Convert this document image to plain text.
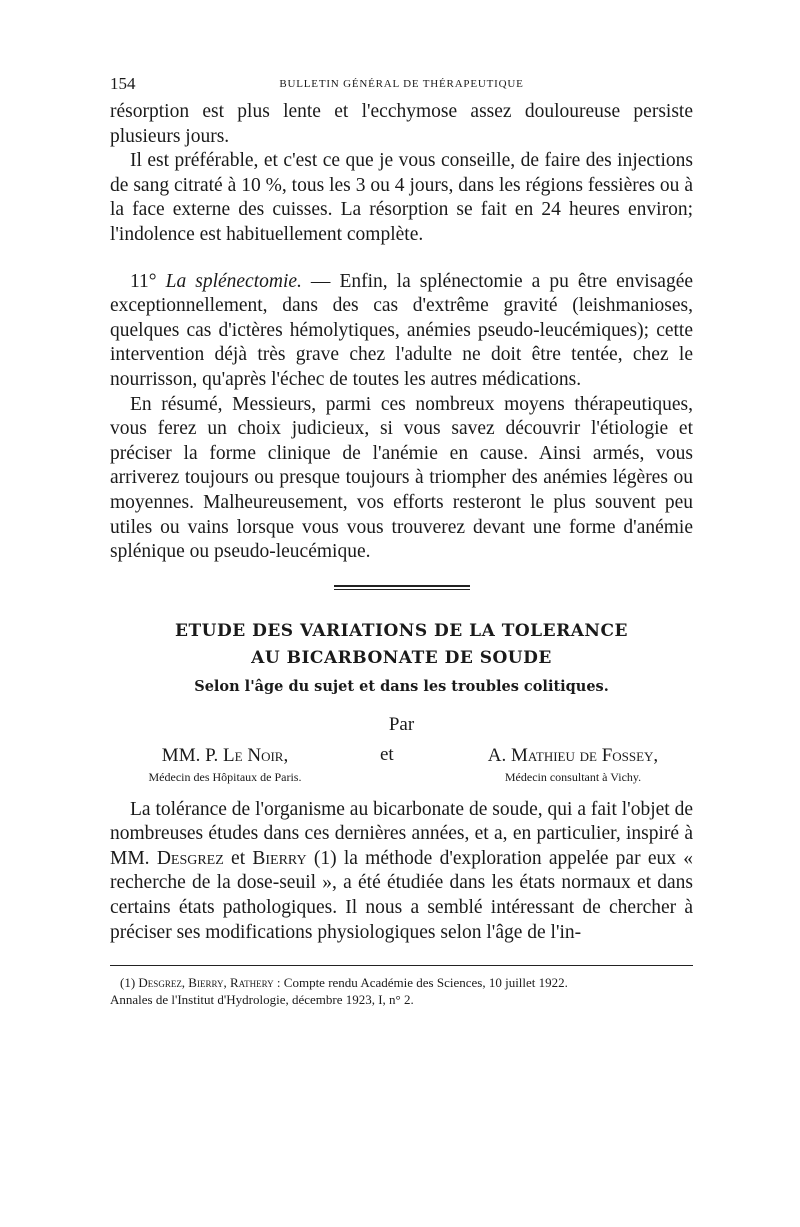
154	BULLETIN GÉNÉRAL DE THÉRAPEUTIQUE

résorption est plus lente et l'ecchymose assez douloureuse persiste plusieurs jours.

Il est préférable, et c'est ce que je vous conseille, de faire des injections de sang citraté à 10 %, tous les 3 ou 4 jours, dans les régions fessières ou à la face externe des cuisses. La résorption se fait en 24 heures environ; l'indolence est habituellement complète.

11° La splénectomie. — Enfin, la splénectomie a pu être envisagée exceptionnellement, dans des cas d'extrême gravité (leishmanioses, quelques cas d'ictères hémolytiques, anémies pseudo-leucémiques); cette intervention déjà très grave chez l'adulte ne doit être tentée, chez le nourrisson, qu'après l'échec de toutes les autres médications.

En résumé, Messieurs, parmi ces nombreux moyens thérapeutiques, vous ferez un choix judicieux, si vous savez découvrir l'étiologie et préciser la forme clinique de l'anémie en cause. Ainsi armés, vous arriverez toujours ou presque toujours à triompher des anémies légères ou moyennes. Malheureusement, vos efforts resteront le plus souvent peu utiles ou vains lorsque vous vous trouverez devant une forme d'anémie splénique ou pseudo-leucémique.

ETUDE DES VARIATIONS DE LA TOLERANCE
AU BICARBONATE DE SOUDE
Selon l'âge du sujet et dans les troubles colitiques.
Par
MM. P. Le Noir,
Médecin des Hôpitaux de Paris.
et	A. Mathieu de Fossey,
Médecin consultant à Vichy.

La tolérance de l'organisme au bicarbonate de soude, qui a fait l'objet de nombreuses études dans ces dernières années, et a, en particulier, inspiré à MM. Desgrez et Bierry (1) la méthode d'exploration appelée par eux « recherche de la dose-seuil », a été étudiée dans les états normaux et dans certains états pathologiques. Il nous a semblé intéressant de chercher à préciser ses modifications physiologiques selon l'âge de l'in-

(1) Desgrez, Bierry, Rathery : Compte rendu Académie des Sciences, 10 juillet 1922.
Annales de l'Institut d'Hydrologie, décembre 1923, I, n° 2.
